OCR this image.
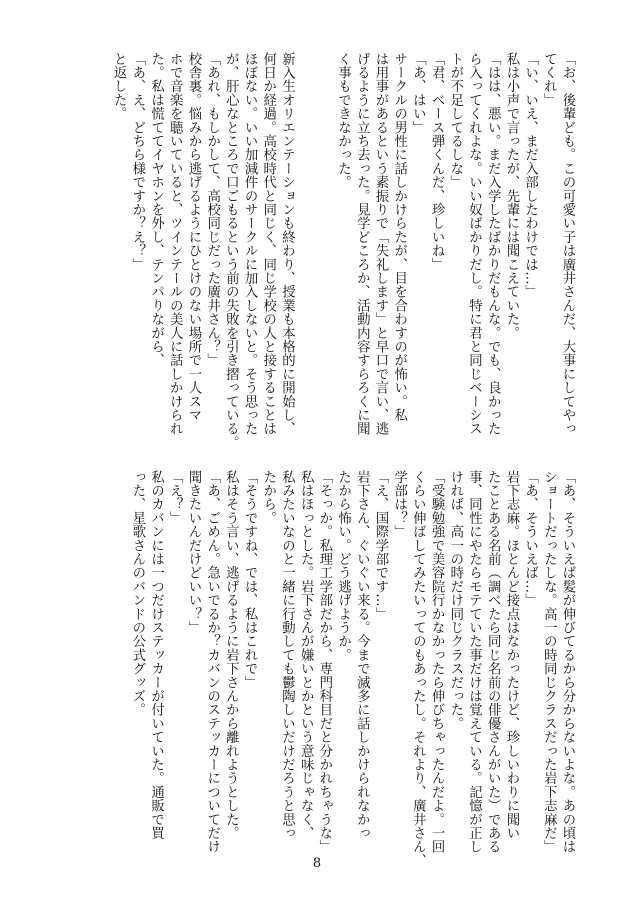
「お、後輩ども。この可愛い子は廣井さんだ、大事にしてやっ
てくれ」
「い、いえ、まだ入部したわけでは…」
私は小声で言ったが、先輩には聞こえていた。
「はは、悪い。まだ入学したばかりだもんな。でも、良かった
ら入ってくれよな。いい奴ばかりだし。特に君と同じベーシス
トが不足してるしな」
「君、ベース弾くんだ、珍しいね」
「あ、はい」
サークルの男性に話しかけらたが、目を合わすのが怖い。私
は用事があるという素振りで「失礼します」と早口で言い、逃
げるように立ち去った。見学どころか、活動内容すらろくに聞
く事もできなかった。

新入生オリエンテーションも終わり、授業も本格的に開始し、
何日か経過。高校時代と同じく、同じ学校の人と接することは
ほぼない。いい加減件のサークルに加入しないと。そう思った
が、肝心なところで口ごもるという前の失敗を引き摺っている。
「あれ、もしかして、高校同じだった廣井さん？」
校舎裏。悩みから逃げるようにひとけのない場所で一人スマ
ホで音楽を聴いていると、ツインテールの美人に話しかけられ
た。私は慌ててイヤホンを外し、テンパりながら、
「あ、え、どちら様ですか？え？」
と返した。
「あ、そういえば髪が伸びてるから分からないよな。あの頃は
ショートだったしな。高一の時同じクラスだった岩下志麻だ」
「あ、そういえば…」
岩下志麻。ほとんど接点はなかったけど、珍しいわりに聞い
たことある名前（調べたら同じ名前の俳優さんがいた）である
事、同性にやたらモテていた事だけは覚えている。記憶が正し
ければ、高一の時だけ同じクラスだった。
「受験勉強で美容院行かなかったら伸びちゃったんだよ。一回
くらい伸ばしてみたいってのもあったし。それより、廣井さん、
学部は？」
「え、国際学部です…」
岩下さん、ぐいぐい来る。今まで滅多に話しかけられなかっ
たから怖い。どう逃げようか。
「そっか。私理工学部だから、専門科目だと分かれちゃうな」
私はほっとした。岩下さんが嫌いとかという意味じゃなく、
私みたいなのと一緒に行動しても鬱陶しいだけだろうと思っ
たから。
「そうですね、では、私はこれで」
私はそう言い、逃げるように岩下さんから離れようとした。
「あ、ごめん。急いでるか？カバンのステッカーについてだけ
聞きたいんだけどいい？」
「え？」
私のカバンには一つだけステッカーが付いていた。通販で買
った、星歌さんのバンドの公式グッズ。
8
